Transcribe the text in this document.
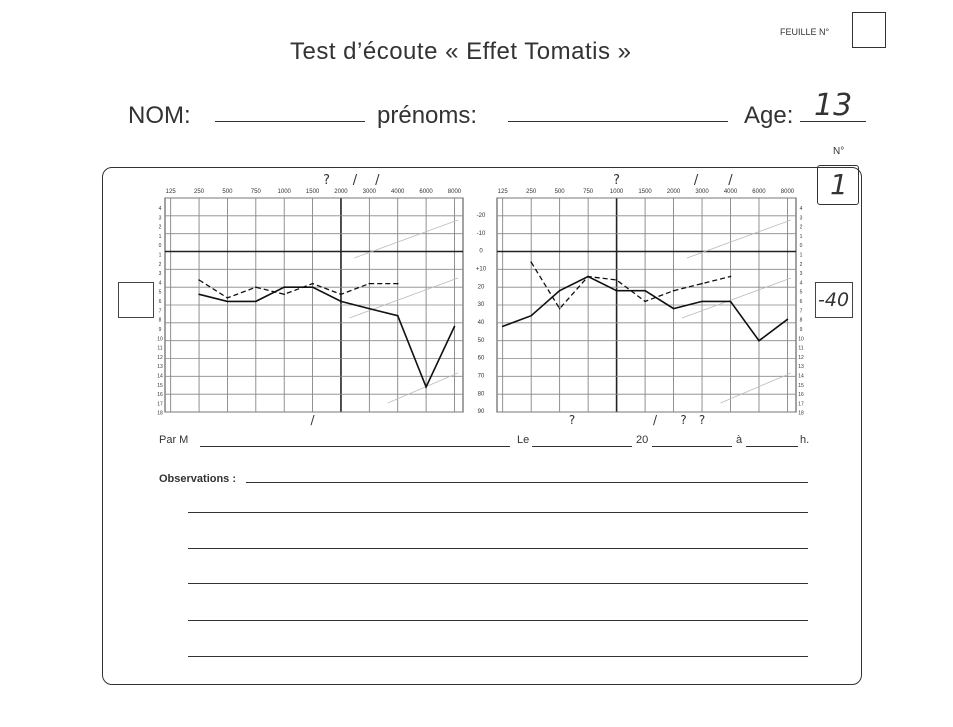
FEUILLE N°
Test d’écoute « Effet Tomatis »
NOM:	prénoms:	Age: 13
N°
1
-40
125	250	500	750	1000	1500	2000	3000	4000	6000	8000
4
3
2
1
0
1
2
3
4
5
6
7
8
9
10
11
12
13
14
15
16
17
18
-20
-10
0
+10
20
30
40
50
60
70
80
90
? / /
/
125	250	500	750	1000	1500	2000	3000	4000	6000	8000
4
3
2
1
0
1
2
3
4
5
6
7
8
9
10
11
12
13
14
15
16
17
18
?	/ /
?	/ ? ?
Par M	Le	20	à	h.
Observations :
